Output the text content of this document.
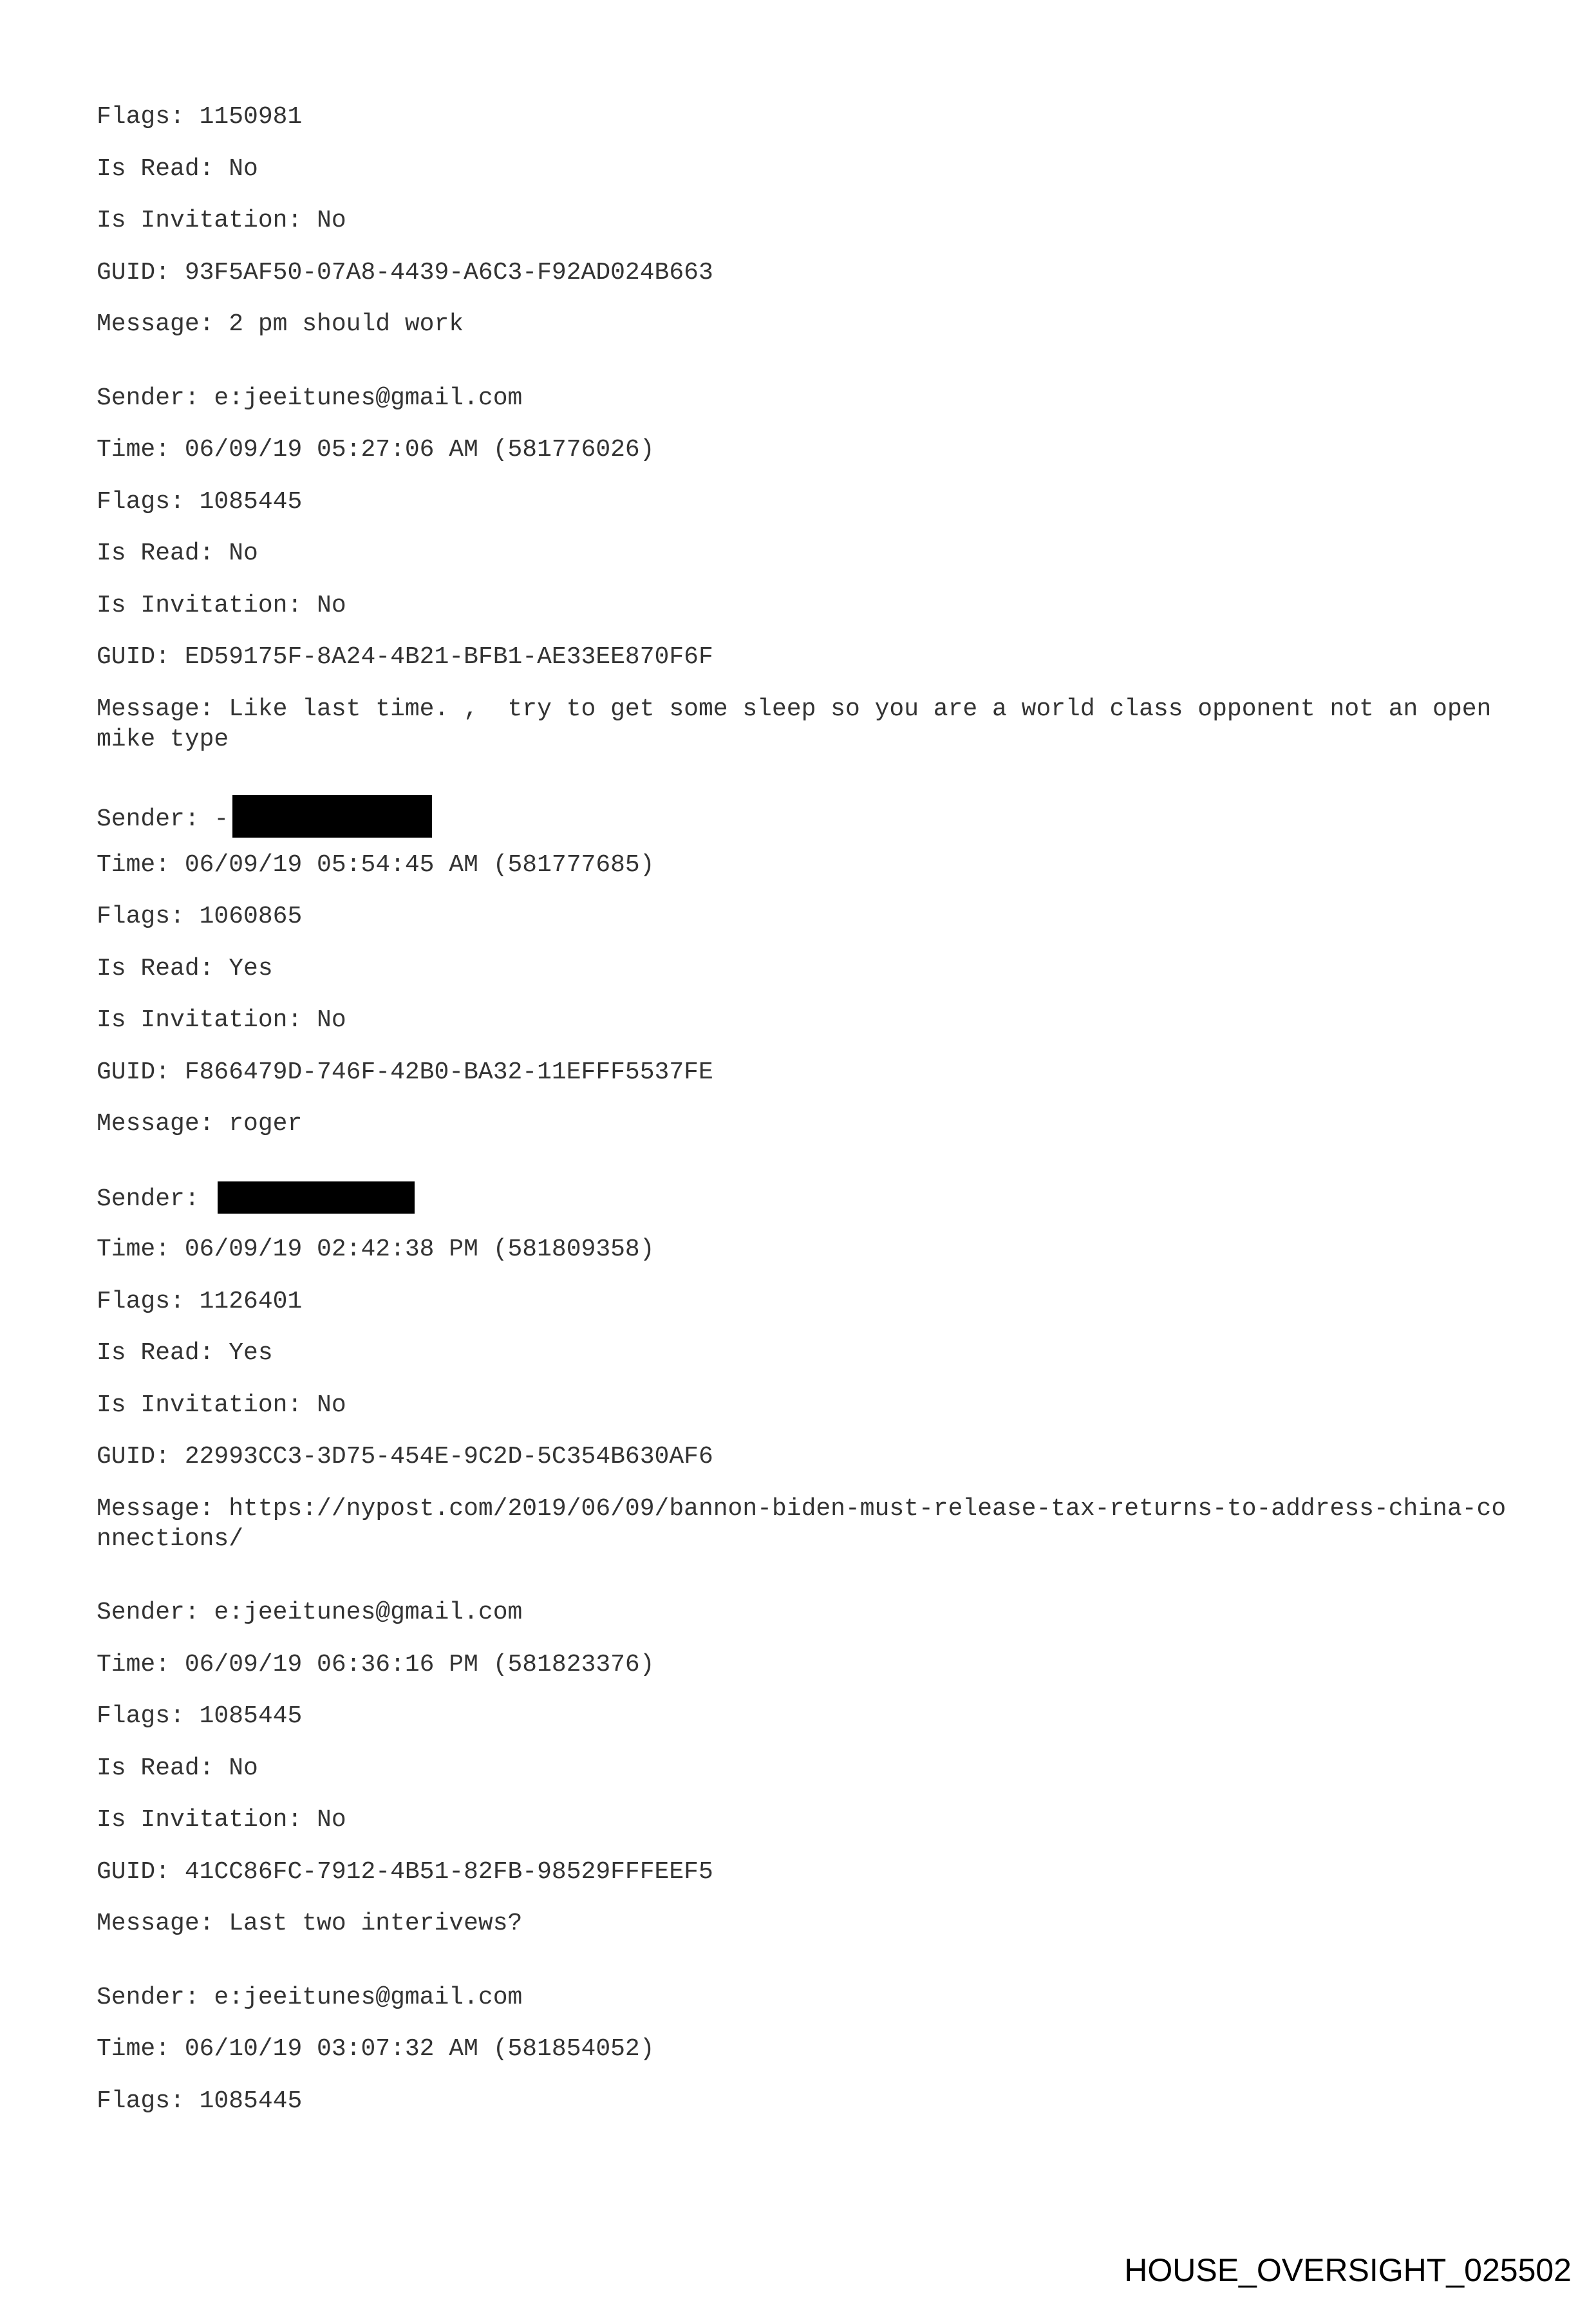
Flags: 1150981
Is Read: No
Is Invitation: No
GUID: 93F5AF50-07A8-4439-A6C3-F92AD024B663
Message: 2 pm should work
Sender: e:jeeitunes@gmail.com
Time: 06/09/19 05:27:06 AM (581776026)
Flags: 1085445
Is Read: No
Is Invitation: No
GUID: ED59175F-8A24-4B21-BFB1-AE33EE870F6F
Message: Like last time. ,  try to get some sleep so you are a world class opponent not an open mike type
Sender: -
Time: 06/09/19 05:54:45 AM (581777685)
Flags: 1060865
Is Read: Yes
Is Invitation: No
GUID: F866479D-746F-42B0-BA32-11EFFF5537FE
Message: roger
Sender:
Time: 06/09/19 02:42:38 PM (581809358)
Flags: 1126401
Is Read: Yes
Is Invitation: No
GUID: 22993CC3-3D75-454E-9C2D-5C354B630AF6
Message: https://nypost.com/2019/06/09/bannon-biden-must-release-tax-returns-to-address-china-connections/
Sender: e:jeeitunes@gmail.com
Time: 06/09/19 06:36:16 PM (581823376)
Flags: 1085445
Is Read: No
Is Invitation: No
GUID: 41CC86FC-7912-4B51-82FB-98529FFFEEF5
Message: Last two interivews?
Sender: e:jeeitunes@gmail.com
Time: 06/10/19 03:07:32 AM (581854052)
Flags: 1085445
HOUSE_OVERSIGHT_025502
